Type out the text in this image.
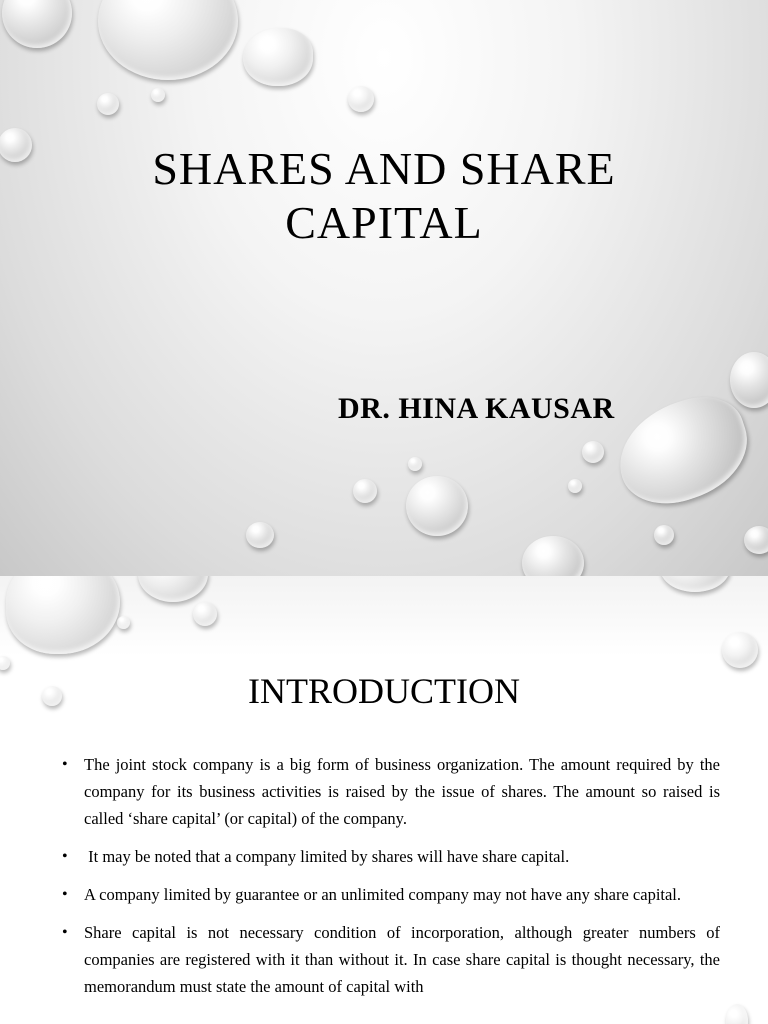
SHARES AND SHARE
CAPITAL

DR. HINA KAUSAR

INTRODUCTION
• The joint stock company is a big form of business organization. The amount required by the company for its business activities is raised by the issue of shares. The amount so raised is called ‘share capital’ (or capital) of the company.
• It may be noted that a company limited by shares will have share capital.
• A company limited by guarantee or an unlimited company may not have any share capital.
• Share capital is not necessary condition of incorporation, although greater numbers of companies are registered with it than without it. In case share capital is thought necessary, the memorandum must state the amount of capital with
